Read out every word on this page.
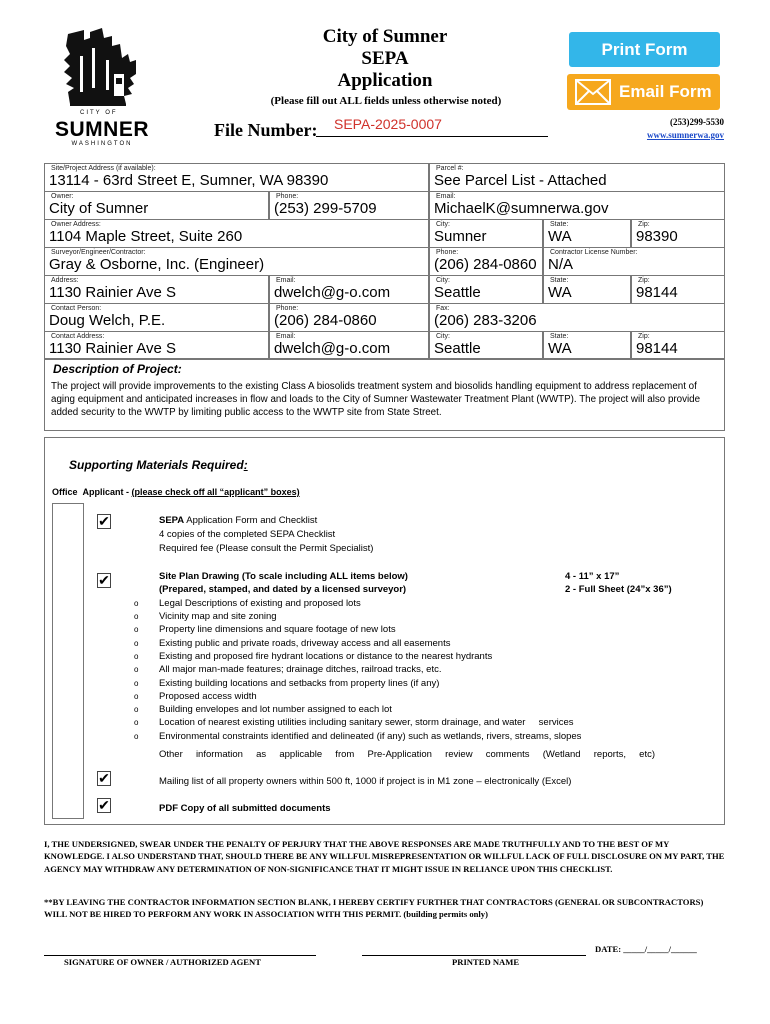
CITY OF
SUMNER
WASHINGTON
City of Sumner
SEPA
Application
(Please fill out ALL fields unless otherwise noted)
Print Form
Email Form
File Number: SEPA-2025-0007	(253)299-5530
www.sumnerwa.gov
Site/Project Address (if available):
13114 - 63rd Street E, Sumner, WA 98390
Parcel #:
See Parcel List - Attached
Owner:
City of Sumner
Phone:
(253) 299-5709
Email:
MichaelK@sumnerwa.gov
Owner Address:
1104 Maple Street, Suite 260
City:
Sumner
State:
WA
Zip:
98390
Surveyor/Engineer/Contractor:
Gray & Osborne, Inc. (Engineer)
Phone:
(206) 284-0860
Contractor License Number:
N/A
Address:
1130 Rainier Ave S
Email:
dwelch@g-o.com
City:
Seattle
State:
WA
Zip:
98144
Contact Person:
Doug Welch, P.E.
Phone:
(206) 284-0860
Fax:
(206) 283-3206
Contact Address:
1130 Rainier Ave S
Email:
dwelch@g-o.com
City:
Seattle
State:
WA
Zip:
98144
Description of Project:
The project will provide improvements to the existing Class A biosolids treatment system and biosolids handling equipment to address replacement of aging equipment and anticipated increases in flow and loads to the City of Sumner Wastewater Treatment Plant (WWTP). The project will also provide added security to the WWTP by limiting public access to the WWTP site from State Street.
Supporting Materials Required:
Office Applicant - (please check off all “applicant” boxes)
✔	SEPA Application Form and Checklist
4 copies of the completed SEPA Checklist
Required fee (Please consult the Permit Specialist)
✔	Site Plan Drawing (To scale including ALL items below)
(Prepared, stamped, and dated by a licensed surveyor)
4 - 11” x 17”
2 - Full Sheet (24”x 36”)
o Legal Descriptions of existing and proposed lots
o Vicinity map and site zoning
o Property line dimensions and square footage of new lots
o Existing public and private roads, driveway access and all easements
o Existing and proposed fire hydrant locations or distance to the nearest hydrants
o All major man-made features; drainage ditches, railroad tracks, etc.
o Existing building locations and setbacks from property lines (if any)
o Proposed access width
o Building envelopes and lot number assigned to each lot
o Location of nearest existing utilities including sanitary sewer, storm drainage, and water     services
o Environmental constraints identified and delineated (if any) such as wetlands, rivers, streams, slopes
Other information as applicable from Pre-Application review comments (Wetland reports, etc)
✔	Mailing list of all property owners within 500 ft, 1000 if project is in M1 zone – electronically (Excel)
✔	PDF Copy of all submitted documents
I, THE UNDERSIGNED, SWEAR UNDER THE PENALTY OF PERJURY THAT THE ABOVE RESPONSES ARE MADE TRUTHFULLY AND TO THE BEST OF MY KNOWLEDGE. I ALSO UNDERSTAND THAT, SHOULD THERE BE ANY WILLFUL MISREPRESENTATION OR WILLFUL LACK OF FULL DISCLOSURE ON MY PART, THE AGENCY MAY WITHDRAW ANY DETERMINATION OF NON-SIGNIFICANCE THAT IT MIGHT ISSUE IN RELIANCE UPON THIS CHECKLIST.
**BY LEAVING THE CONTRACTOR INFORMATION SECTION BLANK, I HEREBY CERTIFY FURTHER THAT CONTRACTORS (GENERAL OR SUBCONTRACTORS) WILL NOT BE HIRED TO PERFORM ANY WORK IN ASSOCIATION WITH THIS PERMIT. (building permits only)
SIGNATURE OF OWNER / AUTHORIZED AGENT	PRINTED NAME
DATE: _____/_____/______
